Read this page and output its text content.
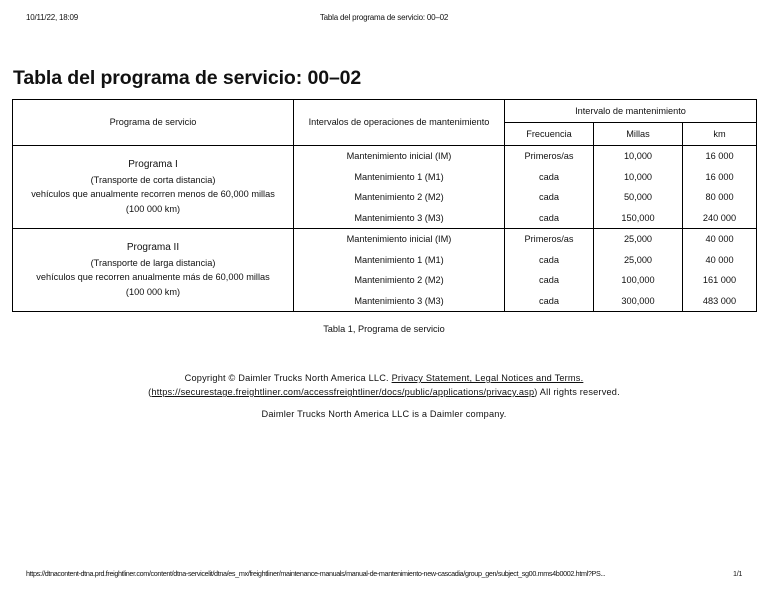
10/11/22, 18:09	Tabla del programa de servicio: 00–02
Tabla del programa de servicio: 00–02
Programa de servicio	Intervalos de operaciones de mantenimiento	Intervalo de mantenimiento		
		Frecuencia	Millas	km

Programa I
(Transporte de corta distancia)
vehículos que anualmente recorren menos de 60,000 millas
(100 000 km)	Mantenimiento inicial (IM)	Primeros/as	10,000	16 000
	Mantenimiento 1 (M1)	cada	10,000	16 000
	Mantenimiento 2 (M2)	cada	50,000	80 000
	Mantenimiento 3 (M3)	cada	150,000	240 000

Programa II
(Transporte de larga distancia)
vehículos que recorren anualmente más de 60,000 millas
(100 000 km)	Mantenimiento inicial (IM)	Primeros/as	25,000	40 000
	Mantenimiento 1 (M1)	cada	25,000	40 000
	Mantenimiento 2 (M2)	cada	100,000	161 000
	Mantenimiento 3 (M3)	cada	300,000	483 000
Tabla 1, Programa de servicio
Copyright © Daimler Trucks North America LLC. Privacy Statement, Legal Notices and Terms.
(https://securestage.freightliner.com/accessfreightliner/docs/public/applications/privacy.asp) All rights reserved.
Daimler Trucks North America LLC is a Daimler company.
https://dtnacontent-dtna.prd.freightliner.com/content/dtna-servicelit/dtna/es_mx/freightliner/maintenance-manuals/manual-de-mantenimiento-new-cascadia/group_gen/subject_sg00.mms4b0002.html?PS...	1/1
